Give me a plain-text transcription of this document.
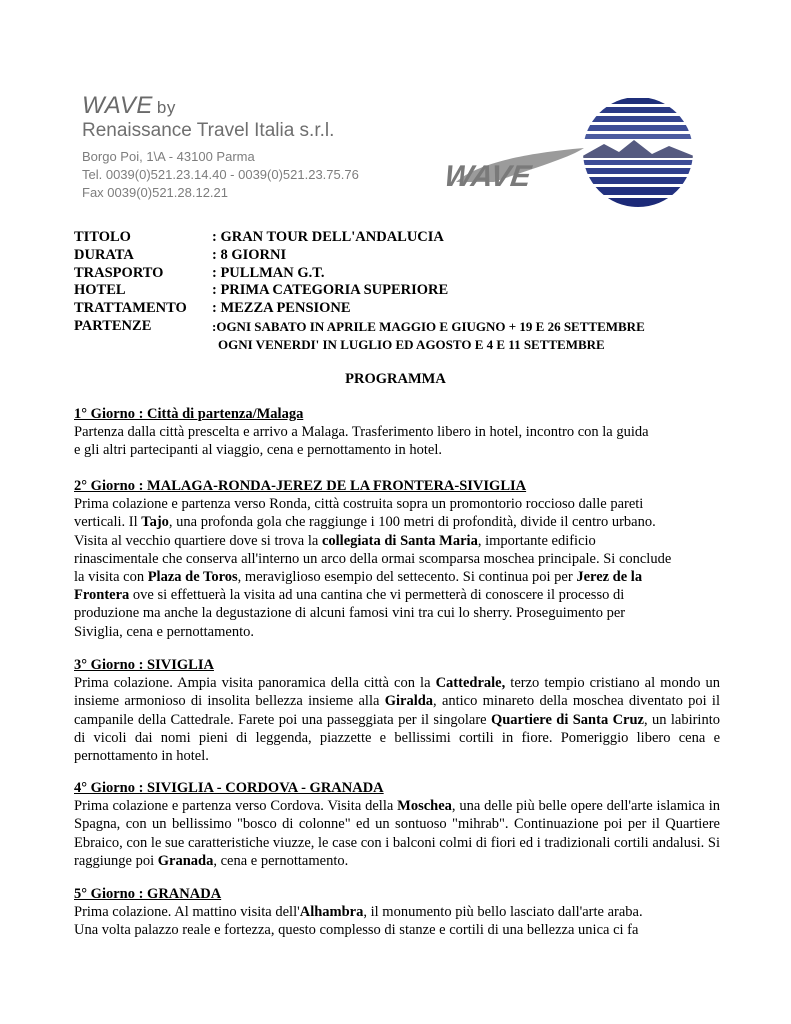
WAVE by
Renaissance Travel Italia s.r.l.
Borgo Poi, 1\A - 43100 Parma
Tel. 0039(0)521.23.14.40 - 0039(0)521.23.75.76
Fax 0039(0)521.28.12.21	WAVE
TITOLO	: GRAN TOUR DELL'ANDALUCIA
DURATA	: 8 GIORNI
TRASPORTO	: PULLMAN G.T.
HOTEL	: PRIMA CATEGORIA SUPERIORE
TRATTAMENTO	: MEZZA PENSIONE
PARTENZE	:OGNI SABATO IN APRILE MAGGIO E GIUGNO + 19 E 26 SETTEMBRE
OGNI VENERDI' IN LUGLIO ED AGOSTO E 4 E 11 SETTEMBRE
PROGRAMMA
1° Giorno : Città di partenza/Malaga

Partenza dalla città prescelta e arrivo a Malaga. Trasferimento libero in hotel, incontro con la guida

e gli altri partecipanti al viaggio, cena e pernottamento in hotel.

2° Giorno : MALAGA-RONDA-JEREZ DE LA FRONTERA-SIVIGLIA

Prima colazione e partenza verso Ronda, città costruita sopra un promontorio roccioso dalle pareti

verticali. Il Tajo, una profonda gola che raggiunge i 100 metri di profondità, divide il centro urbano.

Visita al vecchio quartiere dove si trova la collegiata di Santa Maria, importante edificio

rinascimentale che conserva all'interno un arco della ormai scomparsa moschea principale. Si conclude

la visita con Plaza de Toros, meraviglioso esempio del settecento. Si continua poi per Jerez de la

Frontera ove si effettuerà la visita ad una cantina che vi permetterà di conoscere il processo di

produzione ma anche la degustazione di alcuni famosi vini tra cui lo sherry. Proseguimento per

Siviglia, cena e pernottamento.

3° Giorno : SIVIGLIA

Prima colazione. Ampia visita panoramica della città con la Cattedrale, terzo tempio cristiano al mondo un insieme armonioso di insolita bellezza insieme alla Giralda, antico minareto della moschea diventato poi il campanile della Cattedrale. Farete poi una passeggiata per il singolare Quartiere di Santa Cruz, un labirinto di vicoli dai nomi pieni di leggenda, piazzette e bellissimi cortili in fiore. Pomeriggio libero cena e pernottamento in hotel.

4° Giorno : SIVIGLIA - CORDOVA - GRANADA

Prima colazione e partenza verso Cordova. Visita della Moschea, una delle più belle opere dell'arte islamica in Spagna, con un bellissimo "bosco di colonne" ed un sontuoso "mihrab". Continuazione poi per il Quartiere Ebraico, con le sue caratteristiche viuzze, le case con i balconi colmi di fiori ed i tradizionali cortili andalusi. Si raggiunge poi Granada, cena e pernottamento.

5° Giorno : GRANADA

Prima colazione. Al mattino visita dell'Alhambra, il monumento più bello lasciato dall'arte araba.

Una volta palazzo reale e fortezza, questo complesso di stanze e cortili di una bellezza unica ci fa
